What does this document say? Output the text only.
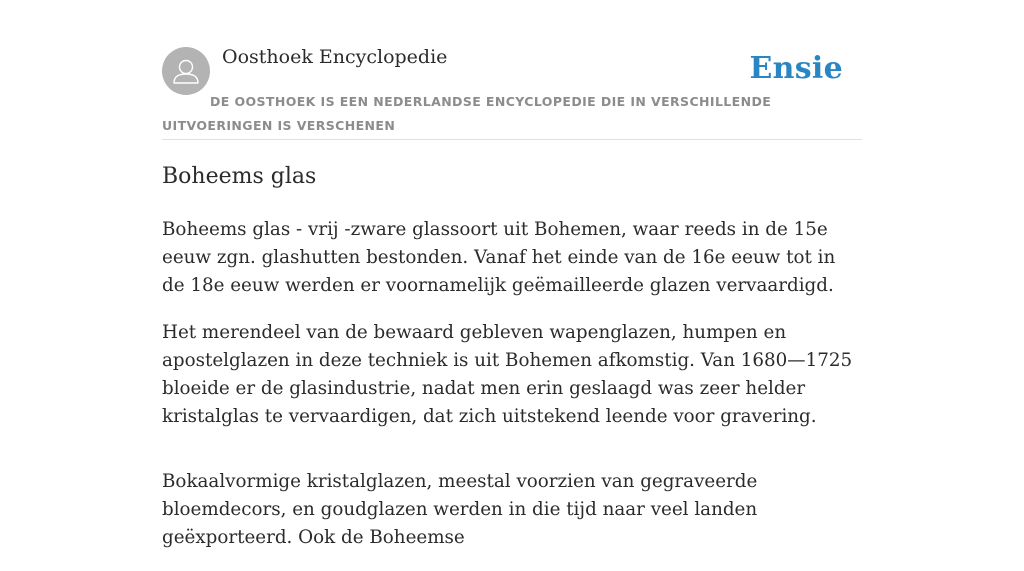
Oosthoek Encyclopedie	Ensie
DE OOSTHOEK IS EEN NEDERLANDSE ENCYCLOPEDIE DIE IN VERSCHILLENDE UITVOERINGEN IS VERSCHENEN
Boheems glas

Boheems glas - vrij -zware glassoort uit Bohemen, waar reeds in de 15e eeuw zgn. glashutten bestonden. Vanaf het einde van de 16e eeuw tot in de 18e eeuw werden er voornamelijk geëmailleerde glazen vervaardigd.

Het merendeel van de bewaard gebleven wapenglazen, humpen en apostelglazen in deze techniek is uit Bohemen afkomstig. Van 1680—1725 bloeide er de glasindustrie, nadat men erin geslaagd was zeer helder kristalglas te vervaardigen, dat zich uitstekend leende voor gravering.

Bokaalvormige kristalglazen, meestal voorzien van gegraveerde bloemdecors, en goudglazen werden in die tijd naar veel landen geëxporteerd. Ook de Boheemse
